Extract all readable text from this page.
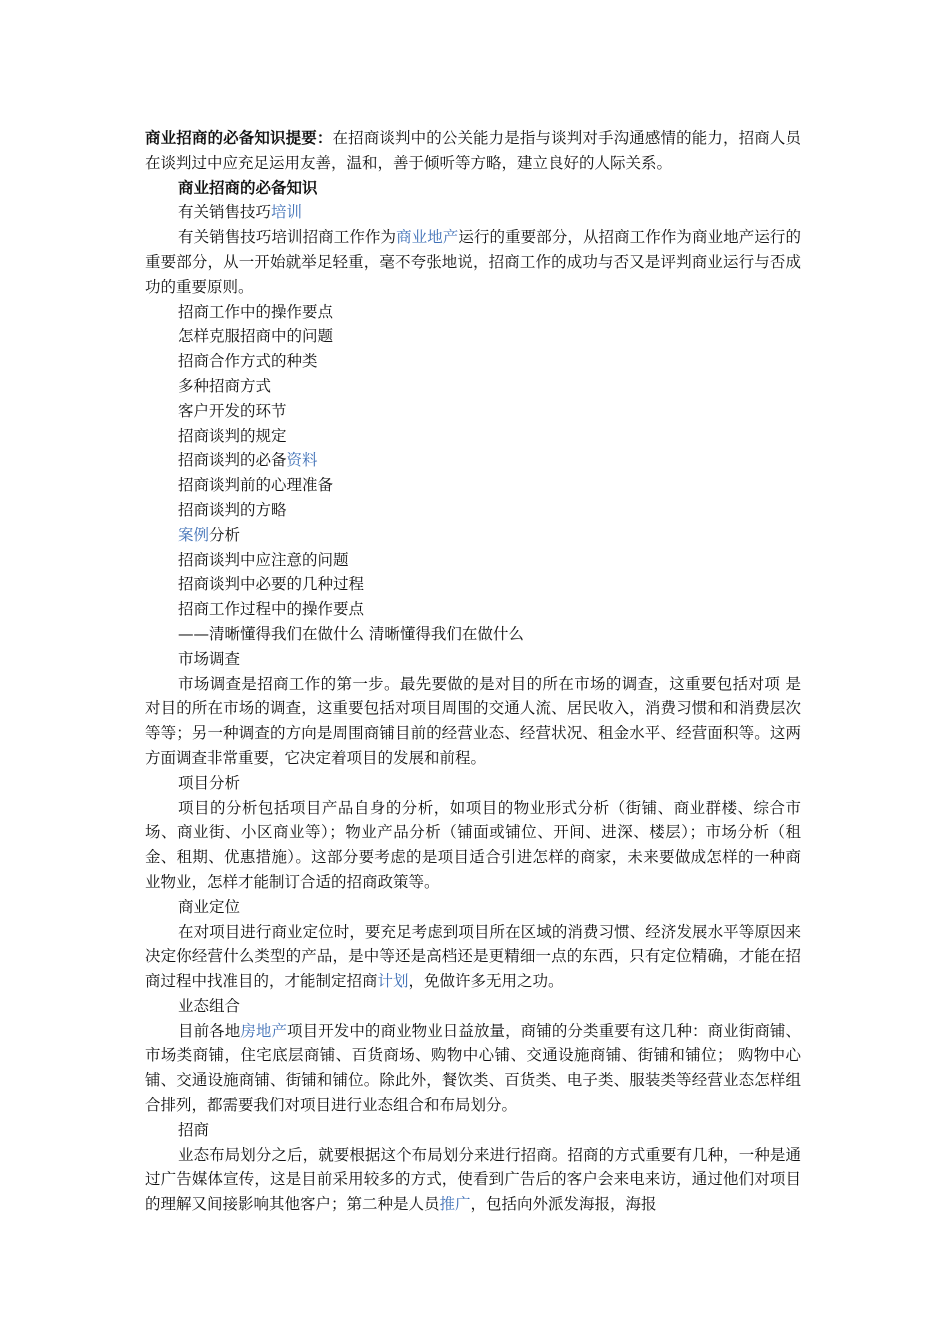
商业招商的必备知识提要：在招商谈判中的公关能力是指与谈判对手沟通感情的能力，招商人员在谈判过中应充足运用友善，温和，善于倾听等方略，建立良好的人际关系。

商业招商的必备知识

有关销售技巧培训

有关销售技巧培训招商工作作为商业地产运行的重要部分，从招商工作作为商业地产运行的重要部分，从一开始就举足轻重，毫不夸张地说，招商工作的成功与否又是评判商业运行与否成功的重要原则。

招商工作中的操作要点

怎样克服招商中的问题

招商合作方式的种类

多种招商方式

客户开发的环节

招商谈判的规定

招商谈判的必备资料

招商谈判前的心理准备

招商谈判的方略

案例分析

招商谈判中应注意的问题

招商谈判中必要的几种过程

招商工作过程中的操作要点

——清晰懂得我们在做什么 清晰懂得我们在做什么

市场调查

市场调查是招商工作的第一步。最先要做的是对目的所在市场的调查，这重要包括对项 是对目的所在市场的调查，这重要包括对项目周围的交通人流、居民收入，消费习惯和和消费层次等等；另一种调查的方向是周围商铺目前的经营业态、经营状况、租金水平、经营面积等。这两方面调查非常重要，它决定着项目的发展和前程。

项目分析

项目的分析包括项目产品自身的分析，如项目的物业形式分析（街铺、商业群楼、综合市场、商业街、小区商业等）；物业产品分析（铺面或铺位、开间、进深、楼层）；市场分析（租金、租期、优惠措施）。这部分要考虑的是项目适合引进怎样的商家，未来要做成怎样的一种商业物业，怎样才能制订合适的招商政策等。

商业定位

在对项目进行商业定位时，要充足考虑到项目所在区域的消费习惯、经济发展水平等原因来决定你经营什么类型的产品，是中等还是高档还是更精细一点的东西，只有定位精确，才能在招商过程中找准目的，才能制定招商计划，免做许多无用之功。

业态组合

目前各地房地产项目开发中的商业物业日益放量，商铺的分类重要有这几种：商业街商铺、市场类商铺，住宅底层商铺、百货商场、购物中心铺、交通设施商铺、街铺和铺位； 购物中心铺、交通设施商铺、街铺和铺位。除此外，餐饮类、百货类、电子类、服装类等经营业态怎样组合排列，都需要我们对项目进行业态组合和布局划分。

招商

业态布局划分之后，就要根据这个布局划分来进行招商。招商的方式重要有几种，一种是通过广告媒体宣传，这是目前采用较多的方式，使看到广告后的客户会来电来访，通过他们对项目的理解又间接影响其他客户；第二种是人员推广，包括向外派发海报，海报
